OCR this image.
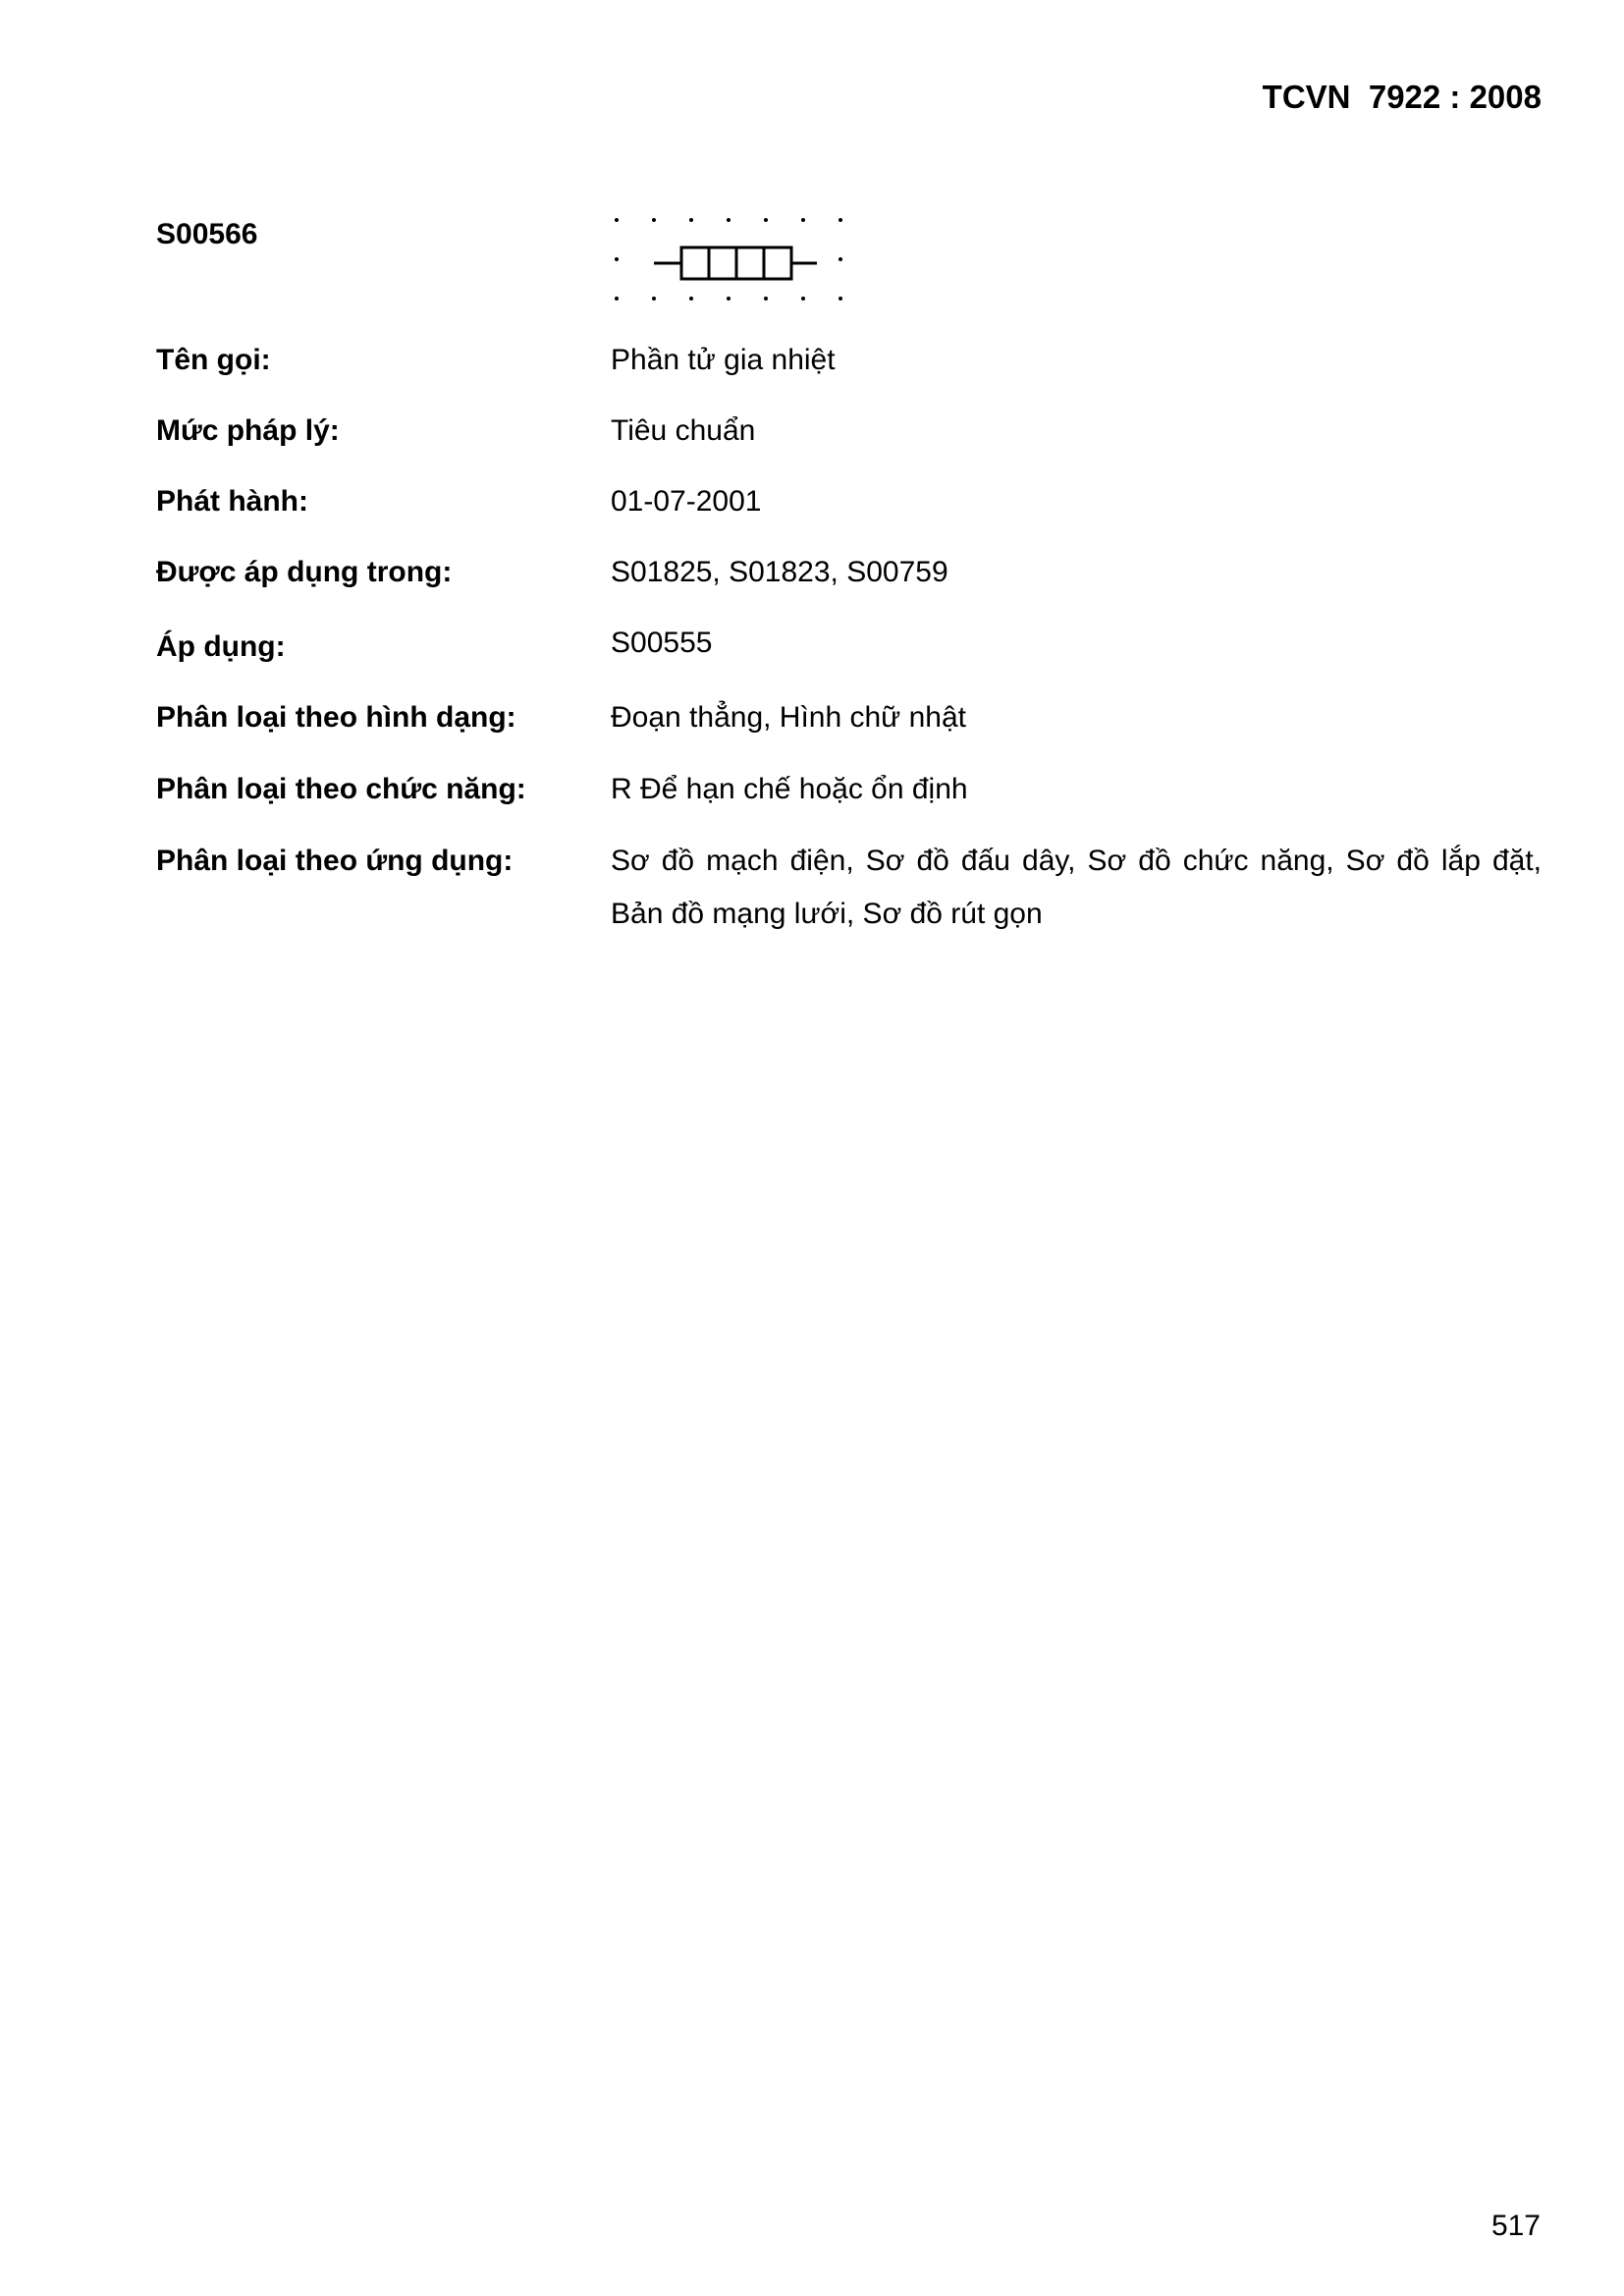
TCVN  7922 : 2008
S00566
Tên gọi:	Phần tử gia nhiệt
Mức pháp lý:	Tiêu chuẩn
Phát hành:	01-07-2001
Được áp dụng trong:	S01825, S01823, S00759
Áp dụng:	S00555
Phân loại theo hình dạng:	Đoạn thẳng, Hình chữ nhật
Phân loại theo chức năng:	R Để hạn chế hoặc ổn định
Phân loại theo ứng dụng:	Sơ đồ mạch điện, Sơ đồ đấu dây, Sơ đồ chức năng, Sơ đồ lắp đặt, Bản đồ mạng lưới, Sơ đồ rút gọn
517
